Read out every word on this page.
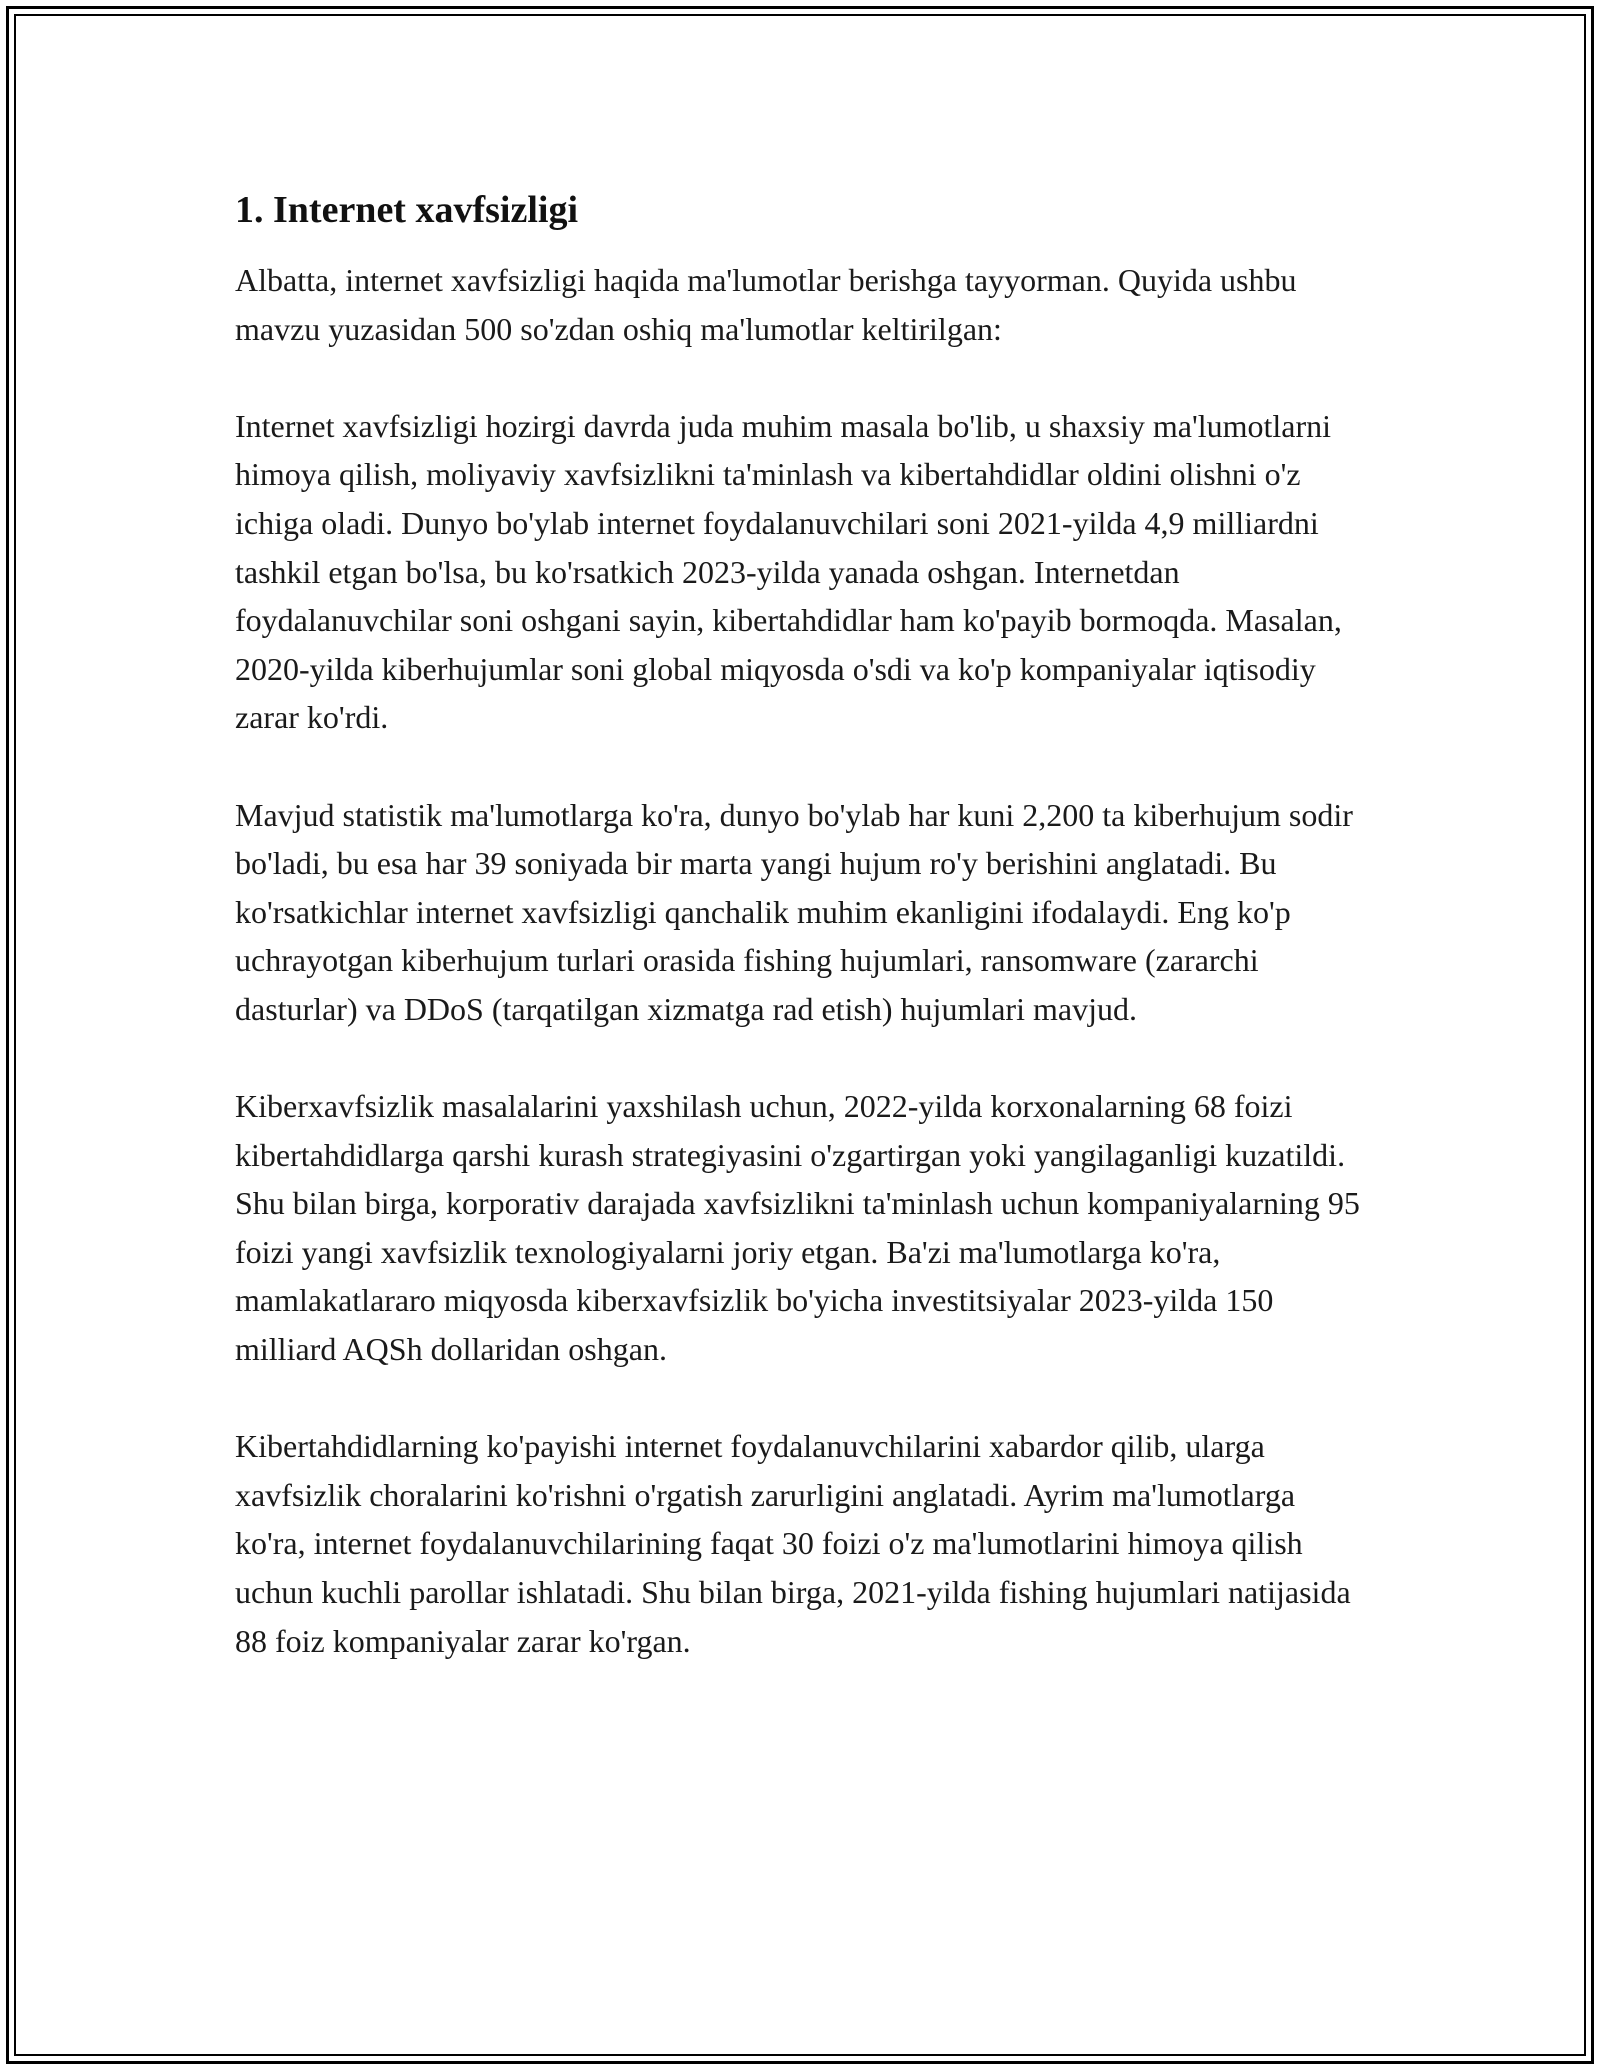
1. Internet xavfsizligi

Albatta, internet xavfsizligi haqida ma'lumotlar berishga tayyorman. Quyida ushbu mavzu yuzasidan 500 so'zdan oshiq ma'lumotlar keltirilgan:

Internet xavfsizligi hozirgi davrda juda muhim masala bo'lib, u shaxsiy ma'lumotlarni himoya qilish, moliyaviy xavfsizlikni ta'minlash va kibertahdidlar oldini olishni o'z ichiga oladi. Dunyo bo'ylab internet foydalanuvchilari soni 2021-yilda 4,9 milliardni tashkil etgan bo'lsa, bu ko'rsatkich 2023-yilda yanada oshgan. Internetdan foydalanuvchilar soni oshgani sayin, kibertahdidlar ham ko'payib bormoqda. Masalan, 2020-yilda kiberhujumlar soni global miqyosda o'sdi va ko'p kompaniyalar iqtisodiy zarar ko'rdi.

Mavjud statistik ma'lumotlarga ko'ra, dunyo bo'ylab har kuni 2,200 ta kiberhujum sodir bo'ladi, bu esa har 39 soniyada bir marta yangi hujum ro'y berishini anglatadi. Bu ko'rsatkichlar internet xavfsizligi qanchalik muhim ekanligini ifodalaydi. Eng ko'p uchrayotgan kiberhujum turlari orasida fishing hujumlari, ransomware (zararchi dasturlar) va DDoS (tarqatilgan xizmatga rad etish) hujumlari mavjud.

Kiberxavfsizlik masalalarini yaxshilash uchun, 2022-yilda korxonalarning 68 foizi kibertahdidlarga qarshi kurash strategiyasini o'zgartirgan yoki yangilaganligi kuzatildi. Shu bilan birga, korporativ darajada xavfsizlikni ta'minlash uchun kompaniyalarning 95 foizi yangi xavfsizlik texnologiyalarni joriy etgan. Ba'zi ma'lumotlarga ko'ra, mamlakatlararo miqyosda kiberxavfsizlik bo'yicha investitsiyalar 2023-yilda 150 milliard AQSh dollaridan oshgan.

Kibertahdidlarning ko'payishi internet foydalanuvchilarini xabardor qilib, ularga xavfsizlik choralarini ko'rishni o'rgatish zarurligini anglatadi. Ayrim ma'lumotlarga ko'ra, internet foydalanuvchilarining faqat 30 foizi o'z ma'lumotlarini himoya qilish uchun kuchli parollar ishlatadi. Shu bilan birga, 2021-yilda fishing hujumlari natijasida 88 foiz kompaniyalar zarar ko'rgan.
